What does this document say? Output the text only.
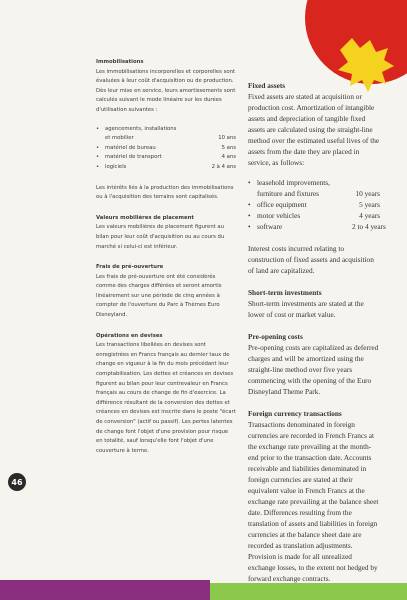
46

Immobilisations

Les immobilisations incorporelles et corporelles sont évaluées à leur coût d'acquisition ou de production. Dès leur mise en service, leurs amortissements sont calculés suivant le mode linéaire sur les durées d'utilisation suivantes :

• agencements, installations
et mobilier	10 ans
• matériel de bureau	5 ans
• matériel de transport	4 ans
• logiciels	2 à 4 ans

Les intérêts liés à la production des immobilisations ou à l'acquisition des terrains sont capitalisés.

Valeurs mobilières de placement

Les valeurs mobilières de placement figurent au bilan pour leur coût d'acquisition ou au cours du marché si celui-ci est inférieur.

Frais de pré-ouverture

Les frais de pré-ouverture ont été considérés comme des charges différées et seront amortis linéairement sur une période de cinq années à compter de l'ouverture du Parc à Thèmes Euro Disneyland.

Opérations en devises

Les transactions libellées en devises sont enregistrées en Francs français au dernier taux de change en vigueur à la fin du mois précédant leur comptabilisation. Les dettes et créances en devises figurent au bilan pour leur contrevaleur en Francs français au cours de change de fin d'exercice. La différence résultant de la conversion des dettes et créances en devises est inscrite dans le poste "écart de conversion" (actif ou passif). Les pertes latentes de change font l'objet d'une provision pour risque en totalité, sauf lorsqu'elle font l'objet d'une couverture à terme.

Fixed assets

Fixed assets are stated at acquisition or production cost. Amortization of intangible assets and depreciation of tangible fixed assets are calculated using the straight-line method over the estimated useful lives of the assets from the date they are placed in service, as follows:

• leasehold improvements,
furniture and fixtures	10 years
• office equipment	5 years
• motor vehicles	4 years
• software	2 to 4 years

Interest costs incurred relating to construction of fixed assets and acquisition of land are capitalized.

Short-term investments

Short-term investments are stated at the lower of cost or market value.

Pre-opening costs

Pre-opening costs are capitalized as deferred charges and will be amortized using the straight-line method over five years commencing with the opening of the Euro Disneyland Theme Park.

Foreign currency transactions

Transactions denominated in foreign currencies are recorded in French Francs at the exchange rate prevailing at the month-end prior to the transaction date. Accounts receivable and liabilities denominated in foreign currencies are stated at their equivalent value in French Francs at the exchange rate prevailing at the balance sheet date. Differences resulting from the translation of assets and liabilities in foreign currencies at the balance sheet date are recorded as translation adjustments. Provision is made for all unrealized exchange losses, to the extent not hedged by forward exchange contracts.
